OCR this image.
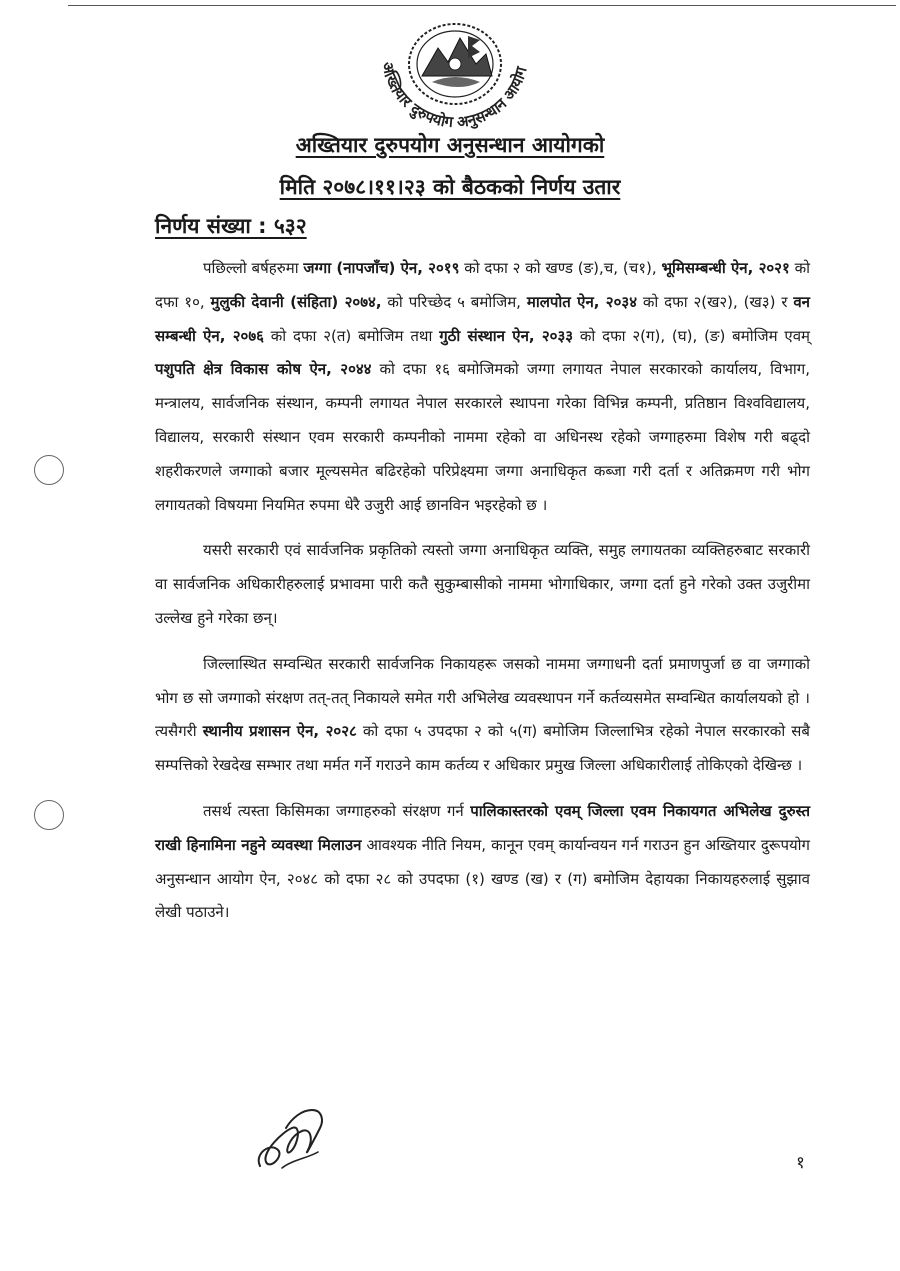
अख्तियार दुरुपयोग अनुसन्धान आयोग
अख्तियार दुरुपयोग अनुसन्धान आयोगको
मिति २०७८।११।२३ को बैठकको निर्णय उतार
निर्णय संख्या : ५३२

पछिल्लो बर्षहरुमा जग्गा (नापजाँच) ऐन, २०१९ को दफा २ को खण्ड (ङ),च, (च१), भूमिसम्बन्धी ऐन, २०२१ को दफा १०, मुलुकी देवानी (संहिता) २०७४, को परिच्छेद ५ बमोजिम, मालपोत ऐन, २०३४ को दफा २(ख२), (ख३) र वन सम्बन्धी ऐन, २०७६ को दफा २(त) बमोजिम तथा गुठी संस्थान ऐन, २०३३ को दफा २(ग), (घ), (ङ) बमोजिम एवम् पशुपति क्षेत्र विकास कोष ऐन, २०४४ को दफा १६ बमोजिमको जग्गा लगायत नेपाल सरकारको कार्यालय, विभाग, मन्त्रालय, सार्वजनिक संस्थान, कम्पनी लगायत नेपाल सरकारले स्थापना गरेका विभिन्न कम्पनी, प्रतिष्ठान विश्वविद्यालय, विद्यालय, सरकारी संस्थान एवम सरकारी कम्पनीको नाममा रहेको वा अधिनस्थ रहेको जग्गाहरुमा विशेष गरी बढ्दो शहरीकरणले जग्गाको बजार मूल्यसमेत बढिरहेको परिप्रेक्ष्यमा जग्गा अनाधिकृत कब्जा गरी दर्ता र अतिक्रमण गरी भोग लगायतको विषयमा नियमित रुपमा धेरै उजुरी आई छानविन भइरहेको छ ।

यसरी सरकारी एवं सार्वजनिक प्रकृतिको त्यस्तो जग्गा अनाधिकृत व्यक्ति, समुह लगायतका व्यक्तिहरुबाट सरकारी वा सार्वजनिक अधिकारीहरुलाई प्रभावमा पारी कतै सुकुम्बासीको नाममा भोगाधिकार, जग्गा दर्ता हुने गरेको उक्त उजुरीमा उल्लेख हुने गरेका छन्।

जिल्लास्थित सम्वन्धित सरकारी सार्वजनिक निकायहरू जसको नाममा जग्गाधनी दर्ता प्रमाणपुर्जा छ वा जग्गाको भोग छ सो जग्गाको संरक्षण तत्-तत् निकायले समेत गरी अभिलेख व्यवस्थापन गर्ने कर्तव्यसमेत सम्वन्धित कार्यालयको हो । त्यसैगरी स्थानीय प्रशासन ऐन, २०२८ को दफा ५ उपदफा २ को ५(ग) बमोजिम जिल्लाभित्र रहेको नेपाल सरकारको सबै सम्पत्तिको रेखदेख सम्भार तथा मर्मत गर्ने गराउने काम कर्तव्य र अधिकार प्रमुख जिल्ला अधिकारीलाई तोकिएको देखिन्छ ।

तसर्थ त्यस्ता किसिमका जग्गाहरुको संरक्षण गर्न पालिकास्तरको एवम् जिल्ला एवम निकायगत अभिलेख दुरुस्त राखी हिनामिना नहुने व्यवस्था मिलाउन आवश्यक नीति नियम, कानून एवम् कार्यान्वयन गर्न गराउन हुन अख्तियार दुरूपयोग अनुसन्धान आयोग ऐन, २०४८ को दफा २८ को उपदफा (१) खण्ड (ख) र (ग) बमोजिम देहायका निकायहरुलाई सुझाव लेखी पठाउने।

१
